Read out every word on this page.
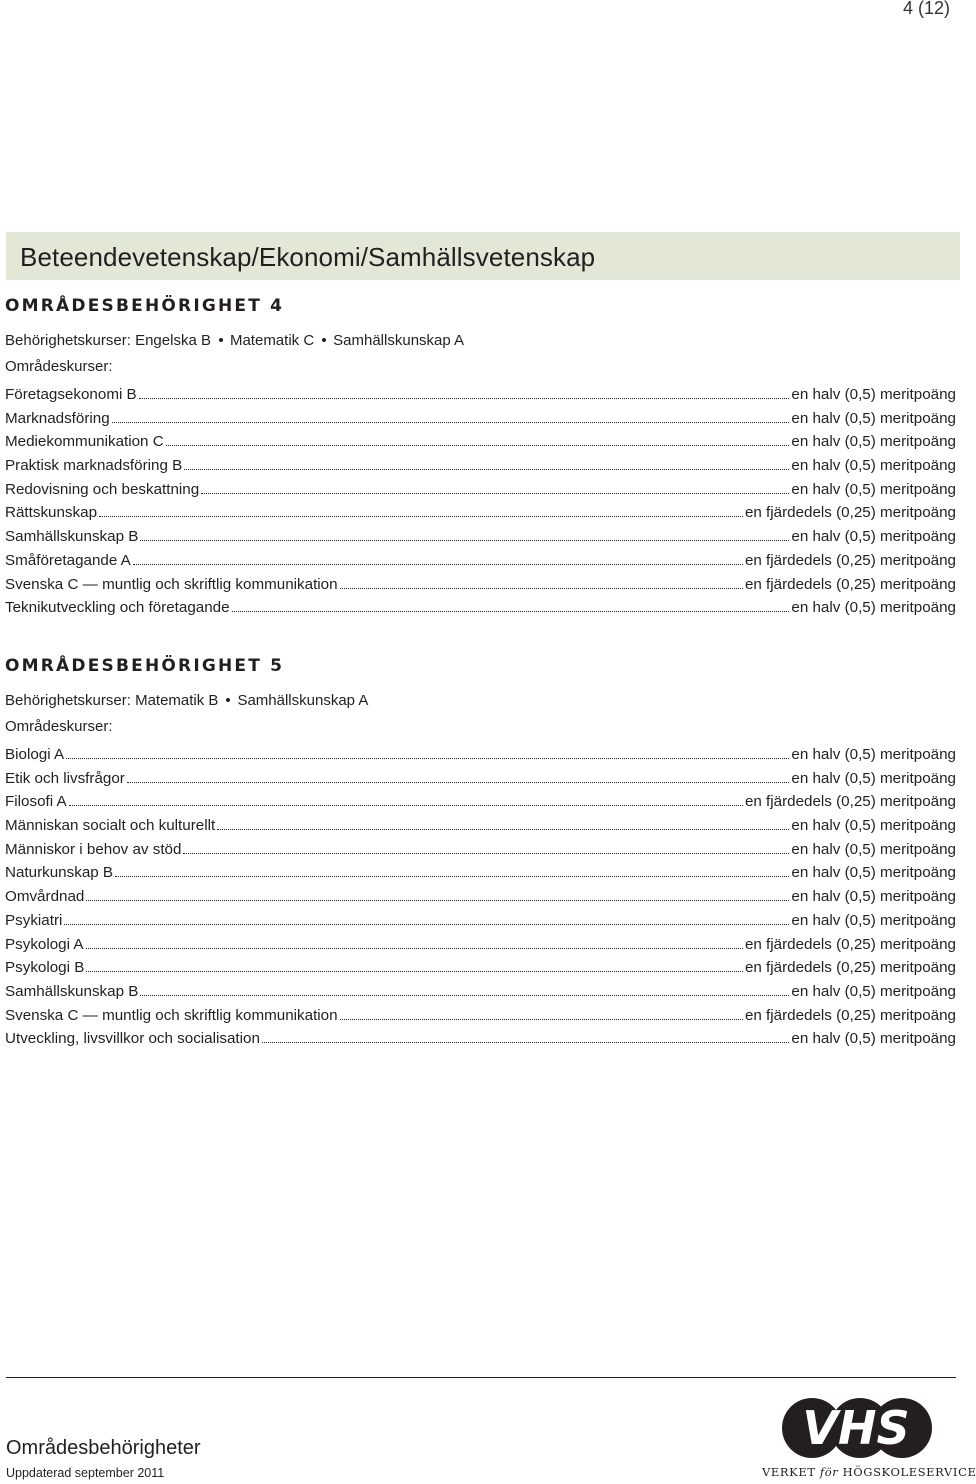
4 (12)
Beteendevetenskap/Ekonomi/Samhällsvetenskap
OMRÅDESBEHÖRIGHET 4
Behörighetskurser: Engelska B Matematik C Samhällskunskap A
Områdeskurser:
Företagsekonomi B	en halv (0,5) meritpoäng
Marknadsföring	en halv (0,5) meritpoäng
Mediekommunikation C	en halv (0,5) meritpoäng
Praktisk marknadsföring B	en halv (0,5) meritpoäng
Redovisning och beskattning	en halv (0,5) meritpoäng
Rättskunskap	en fjärdedels (0,25) meritpoäng
Samhällskunskap B	en halv (0,5) meritpoäng
Småföretagande A	en fjärdedels (0,25) meritpoäng
Svenska C — muntlig och skriftlig kommunikation	en fjärdedels (0,25) meritpoäng
Teknikutveckling och företagande	en halv (0,5) meritpoäng
OMRÅDESBEHÖRIGHET 5
Behörighetskurser: Matematik B Samhällskunskap A
Områdeskurser:
Biologi A	en halv (0,5) meritpoäng
Etik och livsfrågor	en halv (0,5) meritpoäng
Filosofi A	en fjärdedels (0,25) meritpoäng
Människan socialt och kulturellt	en halv (0,5) meritpoäng
Människor i behov av stöd	en halv (0,5) meritpoäng
Naturkunskap B	en halv (0,5) meritpoäng
Omvårdnad	en halv (0,5) meritpoäng
Psykiatri	en halv (0,5) meritpoäng
Psykologi A	en fjärdedels (0,25) meritpoäng
Psykologi B	en fjärdedels (0,25) meritpoäng
Samhällskunskap B	en halv (0,5) meritpoäng
Svenska C — muntlig och skriftlig kommunikation	en fjärdedels (0,25) meritpoäng
Utveckling, livsvillkor och socialisation	en halv (0,5) meritpoäng
Områdesbehörigheter
Uppdaterad september 2011
VHS
VERKET för HÖGSKOLESERVICE
